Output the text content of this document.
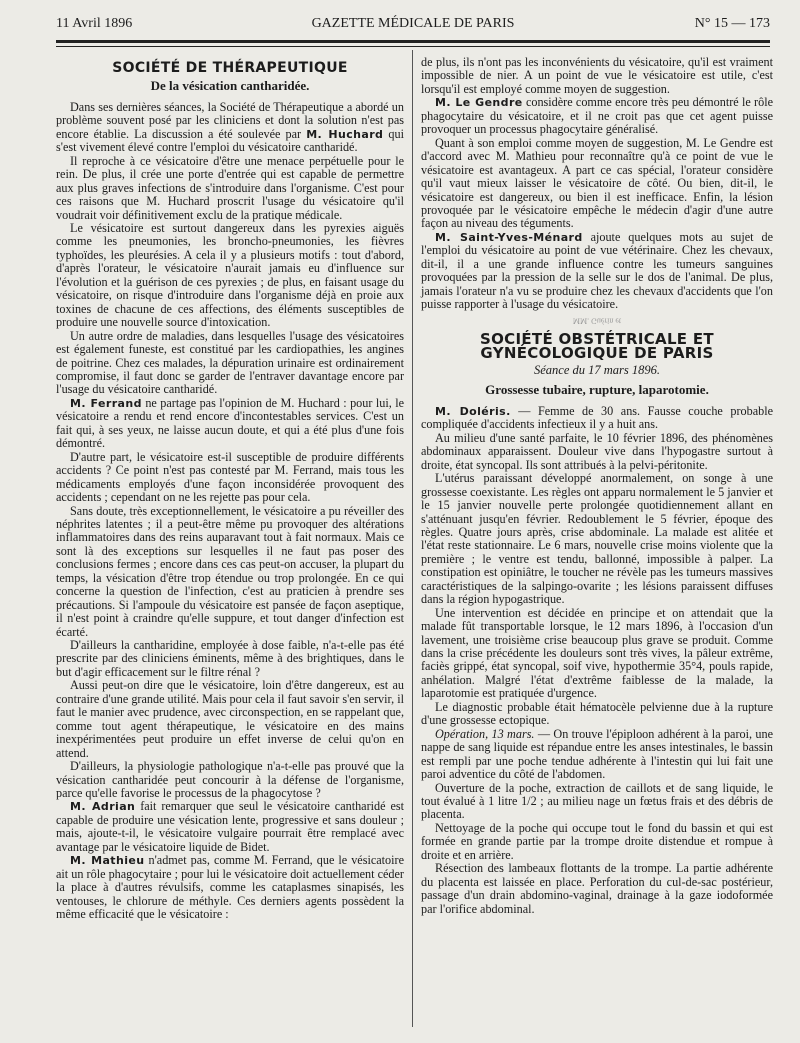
11 Avril 1896	GAZETTE MÉDICALE DE PARIS	N° 15 — 173
SOCIÉTÉ DE THÉRAPEUTIQUE
De la vésication cantharidée.

Dans ses dernières séances, la Société de Thérapeutique a abordé un problème souvent posé par les cliniciens et dont la solution n'est pas encore établie. La discussion a été soulevée par M. Huchard qui s'est vivement élevé contre l'emploi du vésicatoire cantharidé.

Il reproche à ce vésicatoire d'être une menace perpétuelle pour le rein. De plus, il crée une porte d'entrée qui est capable de permettre aux plus graves infections de s'introduire dans l'organisme. C'est pour ces raisons que M. Huchard proscrit l'usage du vésicatoire qu'il voudrait voir définitivement exclu de la pratique médicale.

Le vésicatoire est surtout dangereux dans les pyrexies aiguës comme les pneumonies, les broncho-pneumonies, les fièvres typhoïdes, les pleurésies. A cela il y a plusieurs motifs : tout d'abord, d'après l'orateur, le vésicatoire n'aurait jamais eu d'influence sur l'évolution et la guérison de ces pyrexies ; de plus, en faisant usage du vésicatoire, on risque d'introduire dans l'organisme déjà en proie aux toxines de chacune de ces affections, des éléments susceptibles de produire une nouvelle source d'intoxication.

Un autre ordre de maladies, dans lesquelles l'usage des vésicatoires est également funeste, est constitué par les cardiopathies, les angines de poitrine. Chez ces malades, la dépuration urinaire est ordinairement compromise, il faut donc se garder de l'entraver davantage encore par l'usage du vésicatoire cantharidé.

M. Ferrand ne partage pas l'opinion de M. Huchard : pour lui, le vésicatoire a rendu et rend encore d'incontestables services. C'est un fait qui, à ses yeux, ne laisse aucun doute, et qui a été plus d'une fois démontré.

D'autre part, le vésicatoire est-il susceptible de produire différents accidents ? Ce point n'est pas contesté par M. Ferrand, mais tous les médicaments employés d'une façon inconsidérée provoquent des accidents ; cependant on ne les rejette pas pour cela.

Sans doute, très exceptionnellement, le vésicatoire a pu réveiller des néphrites latentes ; il a peut-être même pu provoquer des altérations inflammatoires dans des reins auparavant tout à fait normaux. Mais ce sont là des exceptions sur lesquelles il ne faut pas poser des conclusions fermes ; encore dans ces cas peut-on accuser, la plupart du temps, la vésication d'être trop étendue ou trop prolongée. En ce qui concerne la question de l'infection, c'est au praticien à prendre ses précautions. Si l'ampoule du vésicatoire est pansée de façon aseptique, il n'est point à craindre qu'elle suppure, et tout danger d'infection est écarté.

D'ailleurs la cantharidine, employée à dose faible, n'a-t-elle pas été prescrite par des cliniciens éminents, même à des brightiques, dans le but d'agir efficacement sur le filtre rénal ?

Aussi peut-on dire que le vésicatoire, loin d'être dangereux, est au contraire d'une grande utilité. Mais pour cela il faut savoir s'en servir, il faut le manier avec prudence, avec circonspection, en se rappelant que, comme tout agent thérapeutique, le vésicatoire en des mains inexpérimentées peut produire un effet inverse de celui qu'on en attend.

D'ailleurs, la physiologie pathologique n'a-t-elle pas prouvé que la vésication cantharidée peut concourir à la défense de l'organisme, parce qu'elle favorise le processus de la phagocytose ?

M. Adrian fait remarquer que seul le vésicatoire cantharidé est capable de produire une vésication lente, progressive et sans douleur ; mais, ajoute-t-il, le vésicatoire vulgaire pourrait être remplacé avec avantage par le vésicatoire liquide de Bidet.

M. Mathieu n'admet pas, comme M. Ferrand, que le vésicatoire ait un rôle phagocytaire ; pour lui le vésicatoire doit actuellement céder la place à d'autres révulsifs, comme les cataplasmes sinapisés, les ventouses, le chlorure de méthyle. Ces derniers agents possèdent la même efficacité que le vésicatoire :

de plus, ils n'ont pas les inconvénients du vésicatoire, qu'il est vraiment impossible de nier. A un point de vue le vésicatoire est utile, c'est lorsqu'il est employé comme moyen de suggestion.

M. Le Gendre considère comme encore très peu démontré le rôle phagocytaire du vésicatoire, et il ne croit pas que cet agent puisse provoquer un processus phagocytaire généralisé.

Quant à son emploi comme moyen de suggestion, M. Le Gendre est d'accord avec M. Mathieu pour reconnaître qu'à ce point de vue le vésicatoire est avantageux. A part ce cas spécial, l'orateur considère qu'il vaut mieux laisser le vésicatoire de côté. Ou bien, dit-il, le vésicatoire est dangereux, ou bien il est inefficace. Enfin, la lésion provoquée par le vésicatoire empêche le médecin d'agir d'une autre façon au niveau des téguments.

M. Saint-Yves-Ménard ajoute quelques mots au sujet de l'emploi du vésicatoire au point de vue vétérinaire. Chez les chevaux, dit-il, il a une grande influence contre les tumeurs sanguines provoquées par la pression de la selle sur le dos de l'animal. De plus, jamais l'orateur n'a vu se produire chez les chevaux d'accidents que l'on puisse rapporter à l'usage du vésicatoire.

MM. Guérin et
SOCIÉTÉ OBSTÉTRICALE ET GYNÉCOLOGIQUE DE PARIS
Séance du 17 mars 1896.
Grossesse tubaire, rupture, laparotomie.

M. Doléris. — Femme de 30 ans. Fausse couche probable compliquée d'accidents infectieux il y a huit ans.

Au milieu d'une santé parfaite, le 10 février 1896, des phénomènes abdominaux apparaissent. Douleur vive dans l'hypogastre surtout à droite, état syncopal. Ils sont attribués à la pelvi-péritonite.

L'utérus paraissant développé anormalement, on songe à une grossesse coexistante. Les règles ont apparu normalement le 5 janvier et le 15 janvier nouvelle perte prolongée quotidiennement allant en s'atténuant jusqu'en février. Redoublement le 5 février, époque des règles. Quatre jours après, crise abdominale. La malade est alitée et l'état reste stationnaire. Le 6 mars, nouvelle crise moins violente que la première ; le ventre est tendu, ballonné, impossible à palper. La constipation est opiniâtre, le toucher ne révèle pas les tumeurs massives caractéristiques de la salpingo-ovarite ; les lésions paraissent diffuses dans la région hypogastrique.

Une intervention est décidée en principe et on attendait que la malade fût transportable lorsque, le 12 mars 1896, à l'occasion d'un lavement, une troisième crise beaucoup plus grave se produit. Comme dans la crise précédente les douleurs sont très vives, la pâleur extrême, faciès grippé, état syncopal, soif vive, hypothermie 35°4, pouls rapide, anhélation. Malgré l'état d'extrême faiblesse de la malade, la laparotomie est pratiquée d'urgence.

Le diagnostic probable était hématocèle pelvienne due à la rupture d'une grossesse ectopique.

Opération, 13 mars. — On trouve l'épiploon adhérent à la paroi, une nappe de sang liquide est répandue entre les anses intestinales, le bassin est rempli par une poche tendue adhérente à l'intestin qui lui fait une paroi adventice du côté de l'abdomen.

Ouverture de la poche, extraction de caillots et de sang liquide, le tout évalué à 1 litre 1/2 ; au milieu nage un fœtus frais et des débris de placenta.

Nettoyage de la poche qui occupe tout le fond du bassin et qui est formée en grande partie par la trompe droite distendue et rompue à droite et en arrière.

Résection des lambeaux flottants de la trompe. La partie adhérente du placenta est laissée en place. Perforation du cul-de-sac postérieur, passage d'un drain abdomino-vaginal, drainage à la gaze iodoformée par l'orifice abdominal.
